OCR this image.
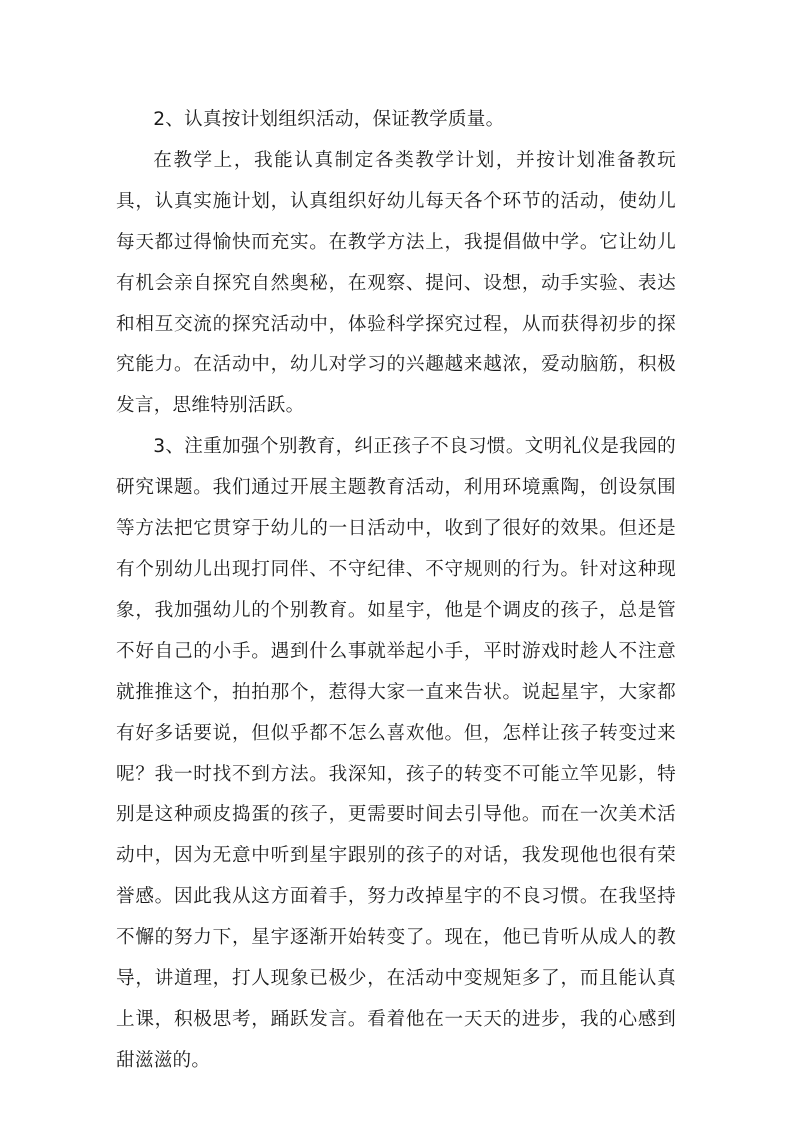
2、认真按计划组织活动，保证教学质量。

在教学上，我能认真制定各类教学计划，并按计划准备教玩具，认真实施计划，认真组织好幼儿每天各个环节的活动，使幼儿每天都过得愉快而充实。在教学方法上，我提倡做中学。它让幼儿有机会亲自探究自然奥秘，在观察、提问、设想，动手实验、表达和相互交流的探究活动中，体验科学探究过程，从而获得初步的探究能力。在活动中，幼儿对学习的兴趣越来越浓，爱动脑筋，积极发言，思维特别活跃。

3、注重加强个别教育，纠正孩子不良习惯。文明礼仪是我园的研究课题。我们通过开展主题教育活动，利用环境熏陶，创设氛围等方法把它贯穿于幼儿的一日活动中，收到了很好的效果。但还是有个别幼儿出现打同伴、不守纪律、不守规则的行为。针对这种现象，我加强幼儿的个别教育。如星宇，他是个调皮的孩子，总是管不好自己的小手。遇到什么事就举起小手，平时游戏时趁人不注意就推推这个，拍拍那个，惹得大家一直来告状。说起星宇，大家都有好多话要说，但似乎都不怎么喜欢他。但，怎样让孩子转变过来呢？我一时找不到方法。我深知，孩子的转变不可能立竿见影，特别是这种顽皮捣蛋的孩子，更需要时间去引导他。而在一次美术活动中，因为无意中听到星宇跟别的孩子的对话，我发现他也很有荣誉感。因此我从这方面着手，努力改掉星宇的不良习惯。在我坚持不懈的努力下，星宇逐渐开始转变了。现在，他已肯听从成人的教导，讲道理，打人现象已极少，在活动中变规矩多了，而且能认真上课，积极思考，踊跃发言。看着他在一天天的进步，我的心感到甜滋滋的。
